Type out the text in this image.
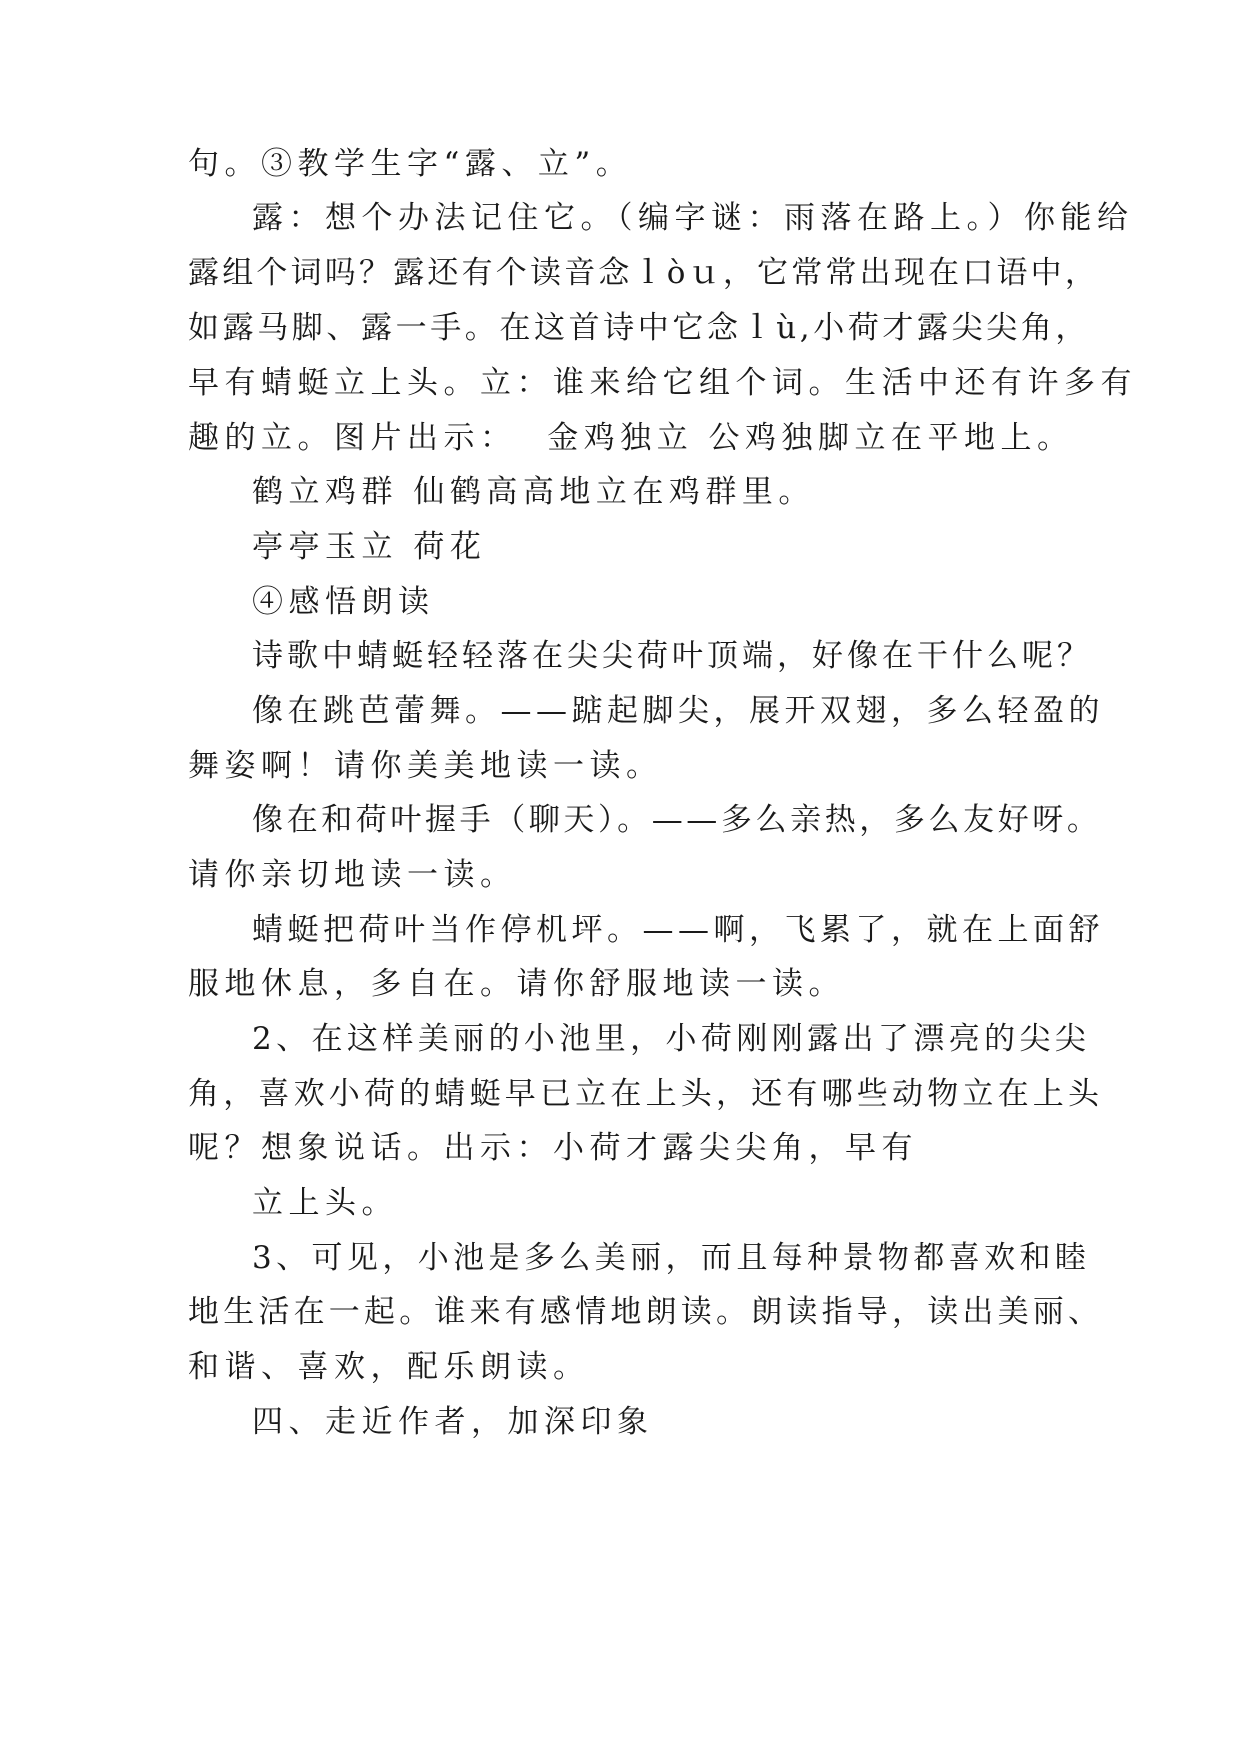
句。③教学生字“露、立”。
露：想个办法记住它。（编字谜：雨落在路上。）你能给
露组个词吗？露还有个读音念ｌòｕ，它常常出现在口语中，
如露马脚、露一手。在这首诗中它念ｌù,小荷才露尖尖角，
早有蜻蜓立上头。立：谁来给它组个词。生活中还有许多有
趣的立。图片出示：  金鸡独立 公鸡独脚立在平地上。
鹤立鸡群 仙鹤高高地立在鸡群里。
亭亭玉立 荷花
④感悟朗读
诗歌中蜻蜓轻轻落在尖尖荷叶顶端，好像在干什么呢？
像在跳芭蕾舞。——踮起脚尖，展开双翅，多么轻盈的
舞姿啊！请你美美地读一读。
像在和荷叶握手（聊天）。——多么亲热，多么友好呀。
请你亲切地读一读。
蜻蜓把荷叶当作停机坪。——啊，飞累了，就在上面舒
服地休息，多自在。请你舒服地读一读。
2、在这样美丽的小池里，小荷刚刚露出了漂亮的尖尖
角，喜欢小荷的蜻蜓早已立在上头，还有哪些动物立在上头
呢？想象说话。出示：小荷才露尖尖角，早有
立上头。
3、可见，小池是多么美丽，而且每种景物都喜欢和睦
地生活在一起。谁来有感情地朗读。朗读指导，读出美丽、
和谐、喜欢，配乐朗读。
四、走近作者，加深印象
